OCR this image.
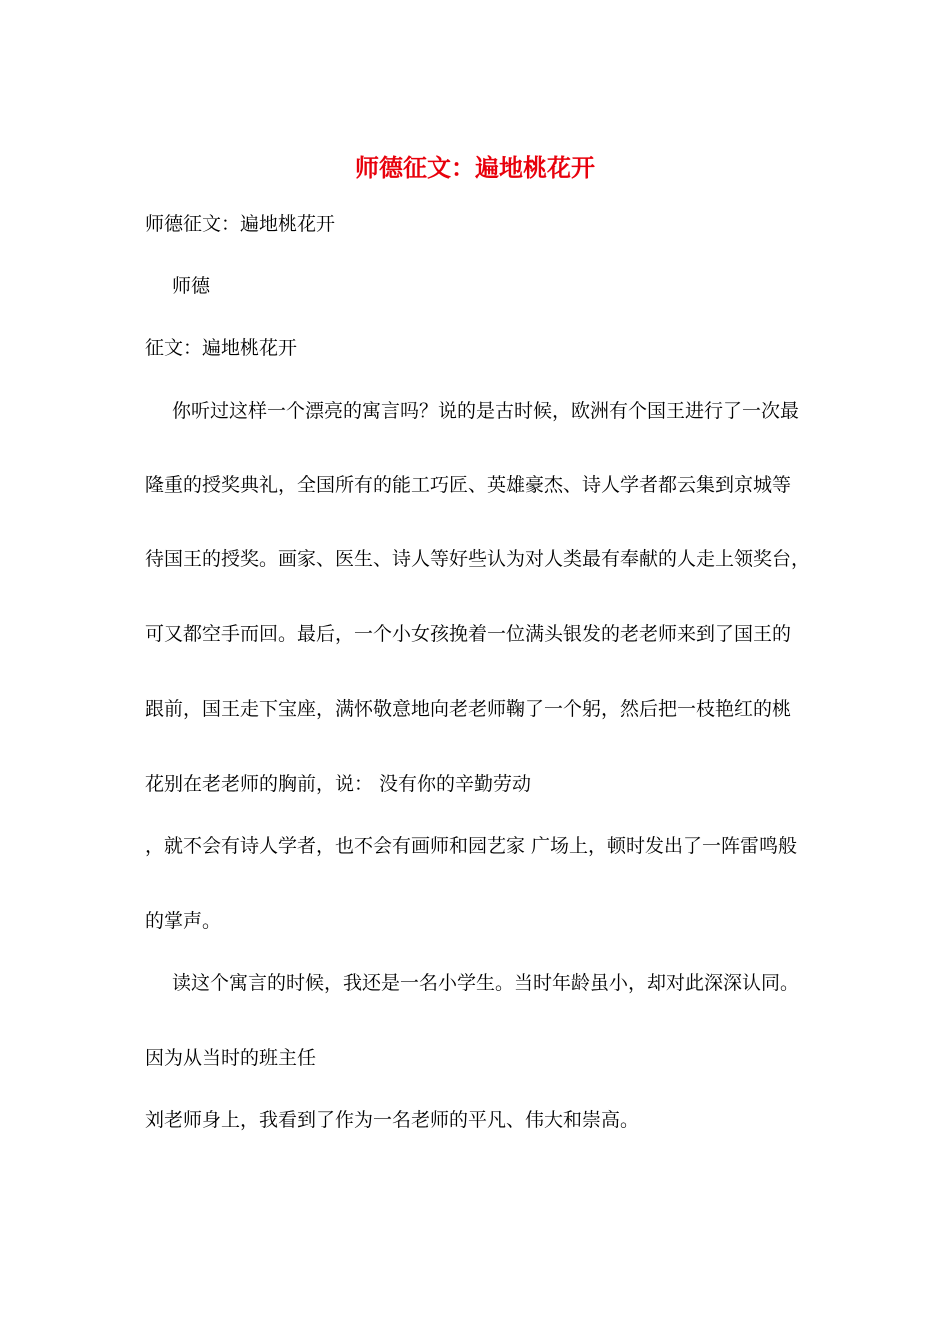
师德征文：遍地桃花开

师德征文：遍地桃花开

师德

征文：遍地桃花开

你听过这样一个漂亮的寓言吗？说的是古时候，欧洲有个国王进行了一次最

隆重的授奖典礼，全国所有的能工巧匠、英雄豪杰、诗人学者都云集到京城等

待国王的授奖。画家、医生、诗人等好些认为对人类最有奉献的人走上领奖台，

可又都空手而回。最后，一个小女孩挽着一位满头银发的老老师来到了国王的

跟前，国王走下宝座，满怀敬意地向老老师鞠了一个躬，然后把一枝艳红的桃

花别在老老师的胸前，说： 没有你的辛勤劳动

，就不会有诗人学者，也不会有画师和园艺家 广场上，顿时发出了一阵雷鸣般

的掌声。

读这个寓言的时候，我还是一名小学生。当时年龄虽小，却对此深深认同。

因为从当时的班主任

刘老师身上，我看到了作为一名老师的平凡、伟大和崇高。
